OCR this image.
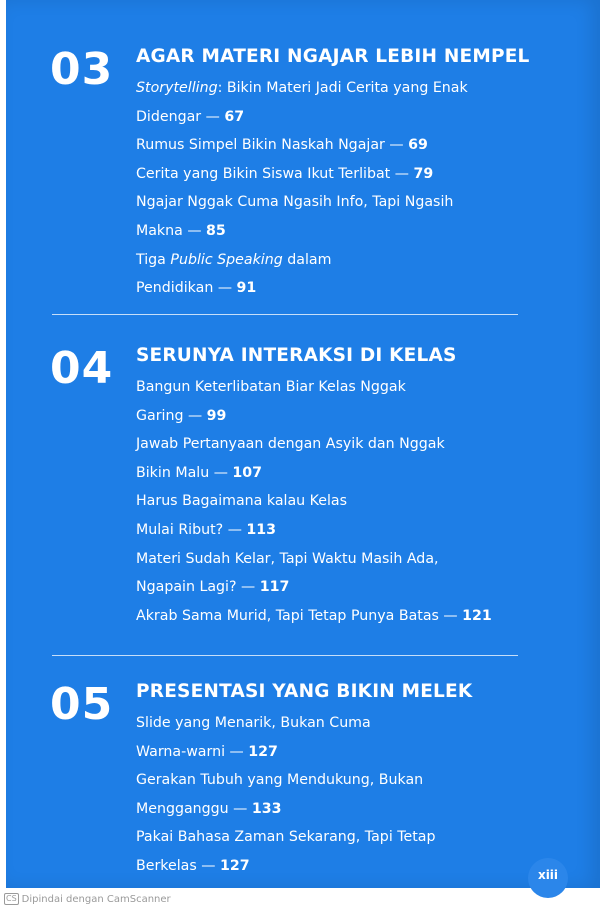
03 AGAR MATERI NGAJAR LEBIH NEMPEL
Storytelling: Bikin Materi Jadi Cerita yang Enak
Didengar — 67
Rumus Simpel Bikin Naskah Ngajar — 69
Cerita yang Bikin Siswa Ikut Terlibat — 79
Ngajar Nggak Cuma Ngasih Info, Tapi Ngasih
Makna — 85
Tiga Public Speaking dalam
Pendidikan — 91
04 SERUNYA INTERAKSI DI KELAS
Bangun Keterlibatan Biar Kelas Nggak
Garing — 99
Jawab Pertanyaan dengan Asyik dan Nggak
Bikin Malu — 107
Harus Bagaimana kalau Kelas
Mulai Ribut? — 113
Materi Sudah Kelar, Tapi Waktu Masih Ada,
Ngapain Lagi? — 117
Akrab Sama Murid, Tapi Tetap Punya Batas — 121
05 PRESENTASI YANG BIKIN MELEK
Slide yang Menarik, Bukan Cuma
Warna-warni — 127
Gerakan Tubuh yang Mendukung, Bukan
Mengganggu — 133
Pakai Bahasa Zaman Sekarang, Tapi Tetap
Berkelas — 127
xiii
CS Dipindai dengan CamScanner
